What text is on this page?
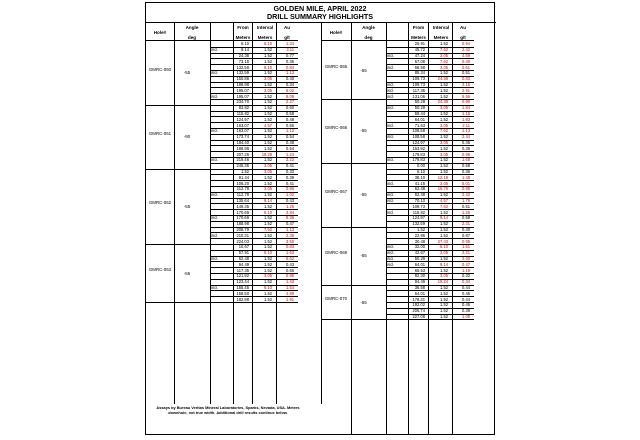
GOLDEN MILE, APRIL 2022
DRILL SUMMARY HIGHLIGHTS
Assays by Bureau Veritas Mineral Laboratories, Sparks, Nevada, USA. Meters downhole, not true width. Additional drill results continue below.
Hole#
Angle
deg
From	Interval	Au
Meters	Meters	g/t
GMRC-​060
-55
6.10	6.10	1.34
incl.	9.14	1.52	3.11
24.38	1.52	0.77
73.15	1.52	0.36
132.59	6.10	0.84
incl.	132.59	1.52	1.13
150.88	3.05	0.40
188.98	1.52	0.34
195.07	3.05	5.02
incl.	195.07	1.52	8.09
234.70	1.52	2.27
GMRC-​061
-90
83.82	1.52	0.60
115.82	1.52	0.58
124.97	1.52	0.48
163.07	4.57	0.56
incl.	163.07	1.52	1.12
173.74	1.52	0.54
184.40	1.52	0.48
188.98	1.52	0.54
207.26	18.29	1.24
incl.	219.46	1.52	3.22
245.36	3.05	0.41
GMRC-​062
-55
1.52	3.05	0.33
91.44	1.52	0.39
108.20	1.52	0.41
112.78	3.05	0.86
incl.	112.78	1.52	1.02
135.64	9.14	0.43
149.35	1.52	1.26
170.69	6.10	2.84
incl.	170.69	1.52	8.36
188.98	1.52	0.47
208.79	7.62	1.13
incl.	210.31	1.52	2.35
224.03	1.52	3.50
GMRC-​063
-55
10.67	1.52	0.83
57.91	6.10	1.63
incl.	62.48	1.52	5.62
94.49	1.52	0.43
117.35	1.52	0.66
121.92	3.05	0.95
123.44	1.52	1.43
incl.	155.45	6.10	1.54
158.50	1.52	4.89
182.88	1.52	1.91
Hole#
Angle
deg
From	Interval	Au
Meters	Meters	g/t
GMRC-​065
-55
25.91	1.52	0.94
45.72	7.62	2.42
incl.	47.24	3.05	4.59
67.06	7.62	0.40
incl.	68.58	3.05	0.61
85.34	1.52	0.51
109.73	24.38	0.83
incl.	109.73	1.52	2.16
incl.	117.35	1.52	2.91
incl.	131.06	1.52	5.56
GMRC-​066
-55
50.29	24.38	0.90
incl.	50.29	3.05	1.84
59.44	1.52	1.16
64.01	1.52	1.93
incl.	71.63	3.05	2.11
108.58	7.62	1.13
incl.	108.58	1.52	2.44
124.97	3.05	0.45
153.92	1.52	0.36
179.83	3.05	0.98
incl.	179.83	1.52	1.68
GMRC-​067
-55
0.00	1.52	0.58
6.10	1.52	0.36
38.10	12.19	1.48
incl.	41.15	3.05	5.01
62.48	16.76	0.95
incl.	62.48	1.52	2.42
incl.	70.10	4.57	1.76
109.73	7.62	0.51
incl.	115.82	1.52	1.26
124.97	9.14	0.59
132.59	1.52	2.31
GMRC-​069
-55
1.52	1.52	0.40
22.86	1.52	0.87
30.48	27.43	0.95
incl.	32.00	6.10	1.51
incl.	42.67	3.05	2.21
incl.	50.29	1.52	2.60
incl.	64.01	9.14	0.47
65.53	1.52	1.19
82.30	3.05	0.32
94.49	15.24	0.34
GMRC-​070
-55
36.58	1.52	0.44
64.01	1.52	0.45
178.31	1.52	0.44
192.02	1.52	0.46
205.74	1.52	0.39
227.08	1.52	1.08
